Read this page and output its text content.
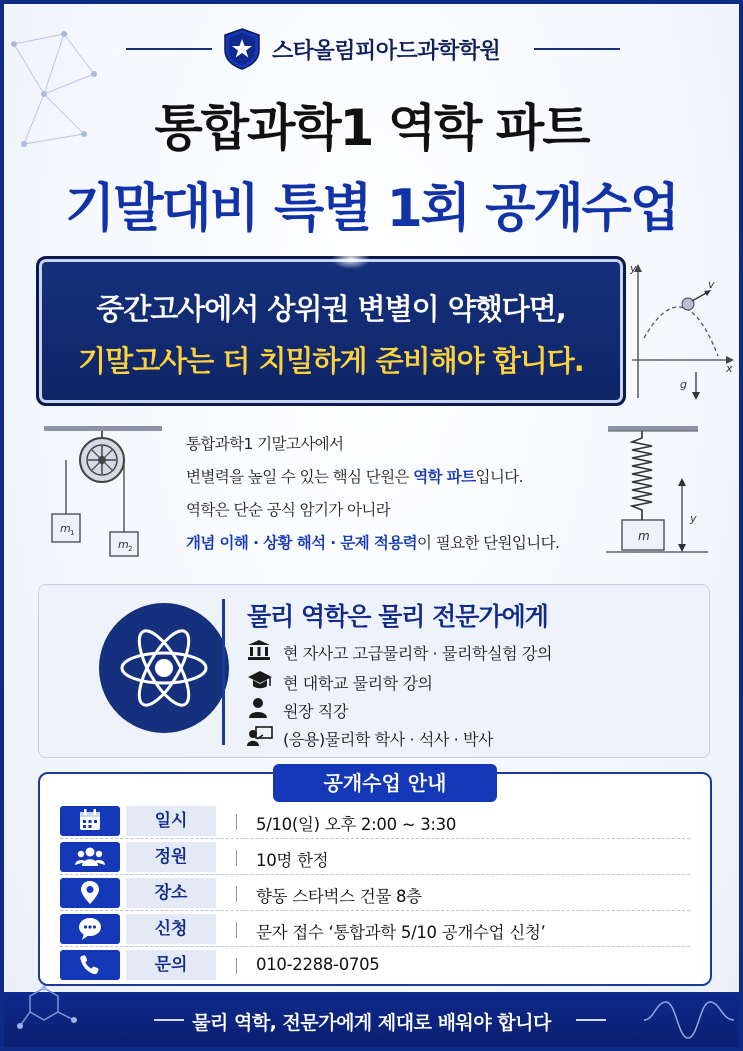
스타올림피아드과학학원
통합과학1 역학 파트
기말대비 특별 1회 공개수업
중간고사에서 상위권 변별이 약했다면,
기말고사는 더 치밀하게 준비해야 합니다.
y
v
x
g
m 1
m 2
m
y
통합과학1 기말고사에서
변별력을 높일 수 있는 핵심 단원은 역학 파트입니다.
역학은 단순 공식 암기가 아니라
개념 이해 · 상황 해석 · 문제 적용력이 필요한 단원입니다.
물리 역학은 물리 전문가에게
현 자사고 고급물리학 · 물리학실험 강의
현 대학교 물리학 강의
원장 직강
(응용)물리학 학사 · 석사 · 박사
공개수업 안내
일시	5/10(일) 오후 2:00 ~ 3:30
정원	10명 한정
장소	향동 스타벅스 건물 8층
신청	문자 접수 ‘통합과학 5/10 공개수업 신청’
문의	010-2288-0705
물리 역학, 전문가에게 제대로 배워야 합니다
